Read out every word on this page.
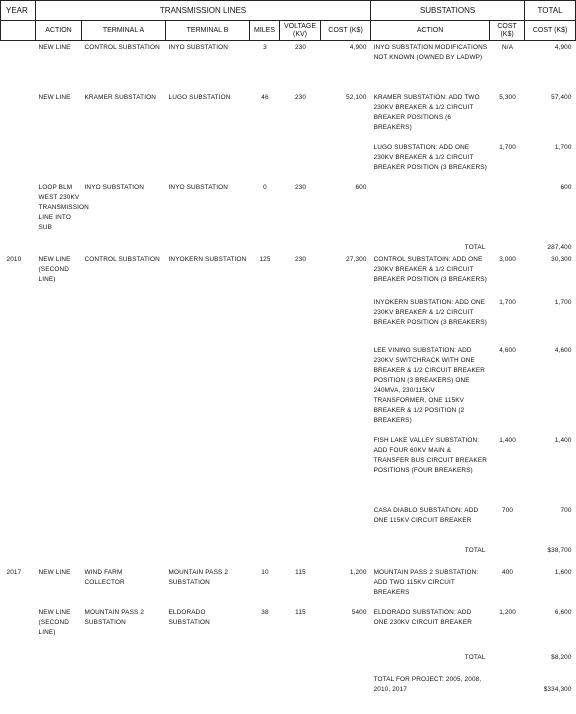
YEAR	TRANSMISSION LINES						SUBSTATIONS		TOTAL
	ACTION	TERMINAL A	TERMINAL B	MILES	VOLTAGE (KV)	COST (K$)	ACTION	COST (K$)	COST (K$)
	NEW LINE	CONTROL SUBSTATION	INYO SUBSTATION	3	230	4,900	INYO SUBSTATION MODIFICATIONS NOT KNOWN (OWNED BY LADWP)	N/A	4,900
	NEW LINE	KRAMER SUBSTATION	LUGO SUBSTATION	46	230	52,100	KRAMER SUBSTATION: ADD TWO 230KV BREAKER & 1/2 CIRCUIT BREAKER POSITIONS (6 BREAKERS)	5,300	57,400
							LUGO SUBSTATION: ADD ONE 230KV BREAKER & 1/2 CIRCUIT BREAKER POSITION (3 BREAKERS)	1,700	1,700
	LOOP BLM WEST 230KV TRANSMISSION LINE INTO SUB	INYO SUBSTATION	INYO SUBSTATION	0	230	600			600
							TOTAL		287,400
2010	NEW LINE (SECOND LINE)	CONTROL SUBSTATION	INYOKERN SUBSTATION	125	230	27,300	CONTROL SUBSTATOIN: ADD ONE 230KV BREAKER & 1/2 CIRCUIT BREAKER POSITION (3 BREAKERS)	3,000	30,300
							INYOKERN SUBSTATION: ADD ONE 230KV BREAKER & 1/2 CIRCUIT BREAKER POSITION (3 BREAKERS)	1,700	1,700
							LEE VINING SUBSTATION: ADD 230KV SWITCHRACK WITH ONE BREAKER & 1/2 CIRCUIT BREAKER POSITION (3 BREAKERS) ONE 240MVA, 230/115KV TRANSFORMER, ONE 115KV BREAKER & 1/2 POSITION (2 BREAKERS)	4,600	4,600
							FISH LAKE VALLEY SUBSTATION: ADD FOUR 60KV MAIN & TRANSFER BUS CIRCUIT BREAKER POSITIONS (FOUR BREAKERS)	1,400	1,400
							CASA DIABLO SUBSTATION: ADD ONE 115KV CIRCUIT BREAKER	700	700
							TOTAL		$38,700
2017	NEW LINE	WIND FARM COLLECTOR	MOUNTAIN PASS 2 SUBSTATION	10	115	1,200	MOUNTAIN PASS 2 SUBSTATION: ADD TWO 115KV CIRCUIT BREAKERS	400	1,600
	NEW LINE (SECOND LINE)	MOUNTAIN PASS 2 SUBSTATION	ELDORADO SUBSTATION	38	115	5400	ELDORADO SUBSTATION: ADD ONE 230KV CIRCUIT BREAKER	1,200	6,600
							TOTAL		$8,200
							TOTAL FOR PROJECT: 2005, 2008, 2010, 2017		$334,300
